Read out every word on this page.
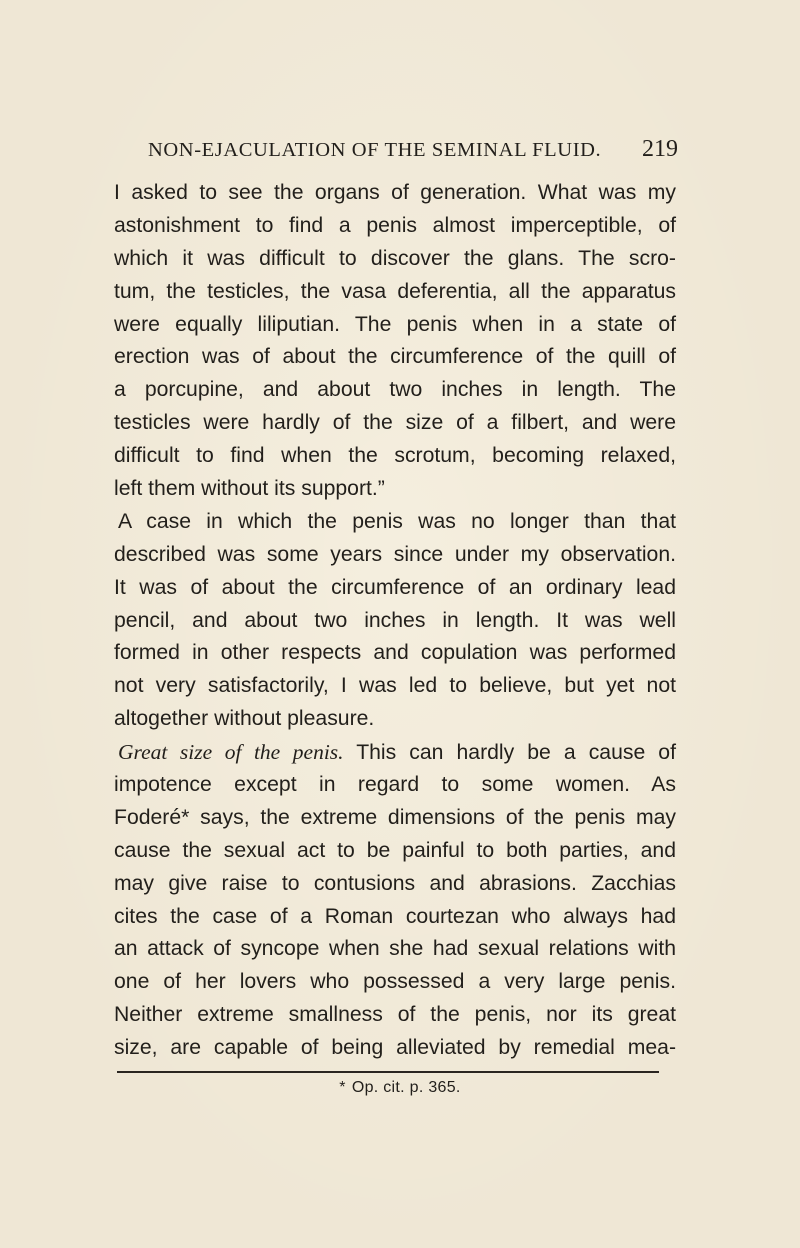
NON-EJACULATION OF THE SEMINAL FLUID. 219
I asked to see the organs of generation. What was my
astonishment to find a penis almost imperceptible, of
which it was difficult to discover the glans. The scro-
tum, the testicles, the vasa deferentia, all the apparatus
were equally liliputian. The penis when in a state of
erection was of about the circumference of the quill of
a porcupine, and about two inches in length. The
testicles were hardly of the size of a filbert, and were
difficult to find when the scrotum, becoming relaxed,
left them without its support.”
A case in which the penis was no longer than that
described was some years since under my observation.
It was of about the circumference of an ordinary lead
pencil, and about two inches in length. It was well
formed in other respects and copulation was performed
not very satisfactorily, I was led to believe, but yet not
altogether without pleasure.
Great size of the penis. This can hardly be a cause of
impotence except in regard to some women. As
Foderé* says, the extreme dimensions of the penis may
cause the sexual act to be painful to both parties, and
may give raise to contusions and abrasions. Zacchias
cites the case of a Roman courtezan who always had
an attack of syncope when she had sexual relations with
one of her lovers who possessed a very large penis.
Neither extreme smallness of the penis, nor its great
size, are capable of being alleviated by remedial mea-
* Op. cit. p. 365.
